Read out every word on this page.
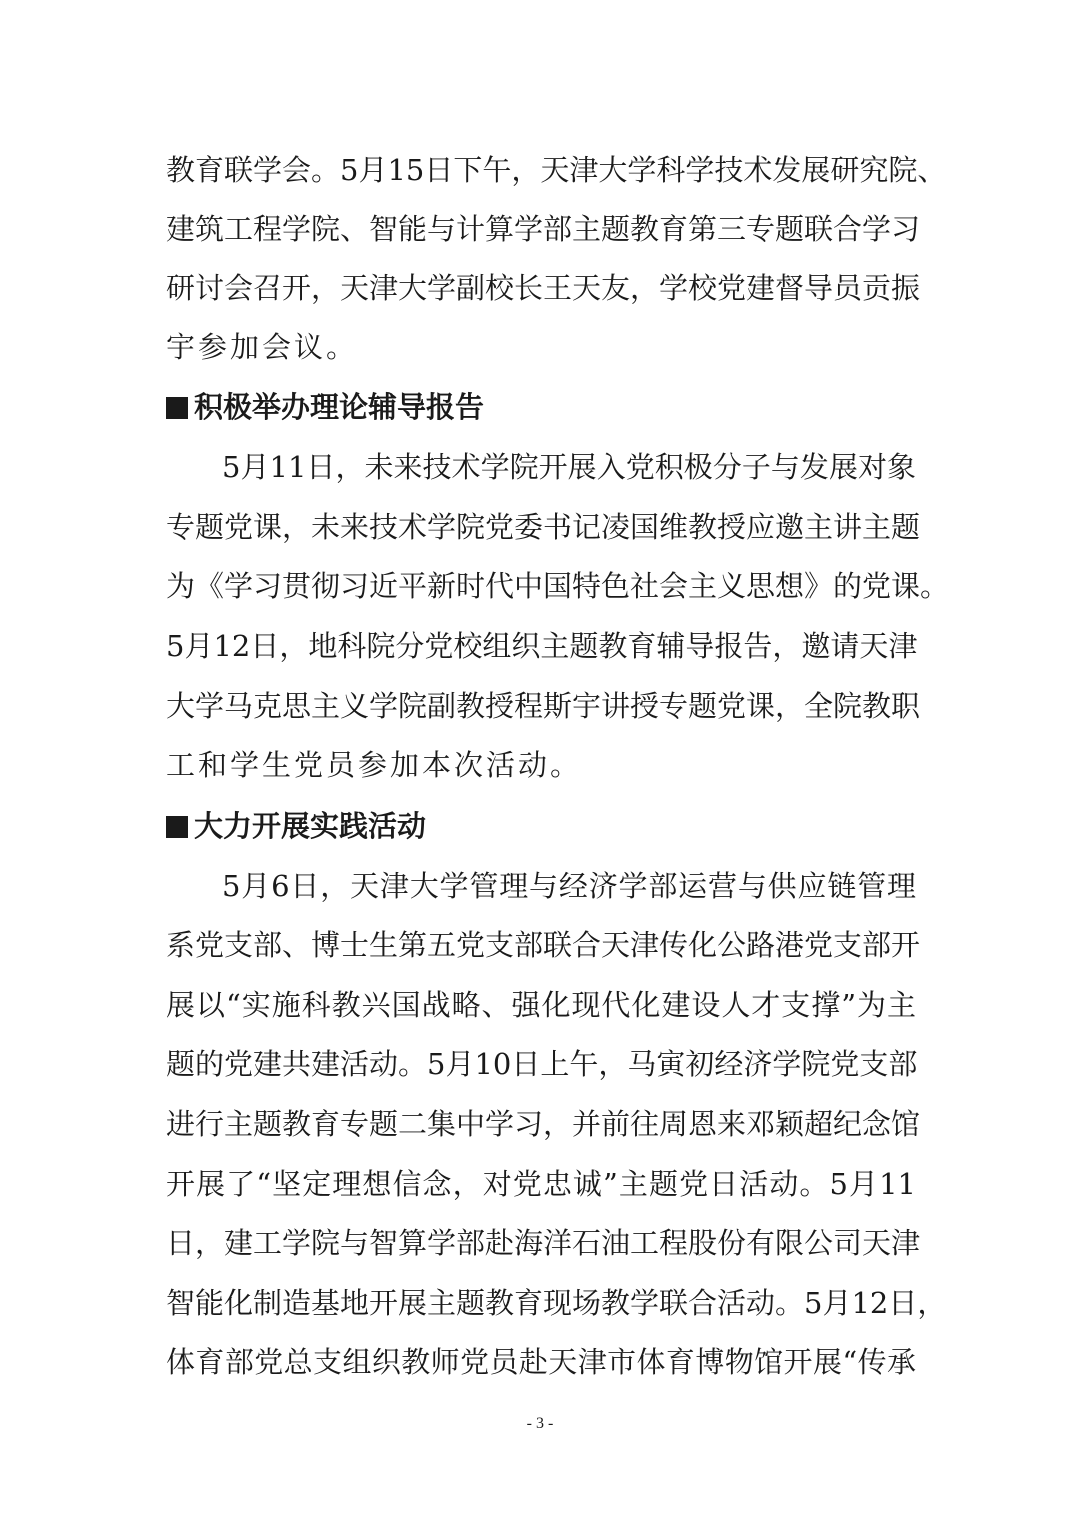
教育联学会。5月15日下午，天津大学科学技术发展研究院、
建筑工程学院、智能与计算学部主题教育第三专题联合学习
研讨会召开，天津大学副校长王天友，学校党建督导员贡振
宇参加会议。
积极举办理论辅导报告
5月11日，未来技术学院开展入党积极分子与发展对象
专题党课，未来技术学院党委书记凌国维教授应邀主讲主题
为《学习贯彻习近平新时代中国特色社会主义思想》的党课。
5月12日，地科院分党校组织主题教育辅导报告，邀请天津
大学马克思主义学院副教授程斯宇讲授专题党课，全院教职
工和学生党员参加本次活动。
大力开展实践活动
5月6日，天津大学管理与经济学部运营与供应链管理
系党支部、博士生第五党支部联合天津传化公路港党支部开
展以“实施科教兴国战略、强化现代化建设人才支撑”为主
题的党建共建活动。5月10日上午，马寅初经济学院党支部
进行主题教育专题二集中学习，并前往周恩来邓颖超纪念馆
开展了“坚定理想信念，对党忠诚”主题党日活动。5月11
日，建工学院与智算学部赴海洋石油工程股份有限公司天津
智能化制造基地开展主题教育现场教学联合活动。5月12日，
体育部党总支组织教师党员赴天津市体育博物馆开展“传承
- 3 -
